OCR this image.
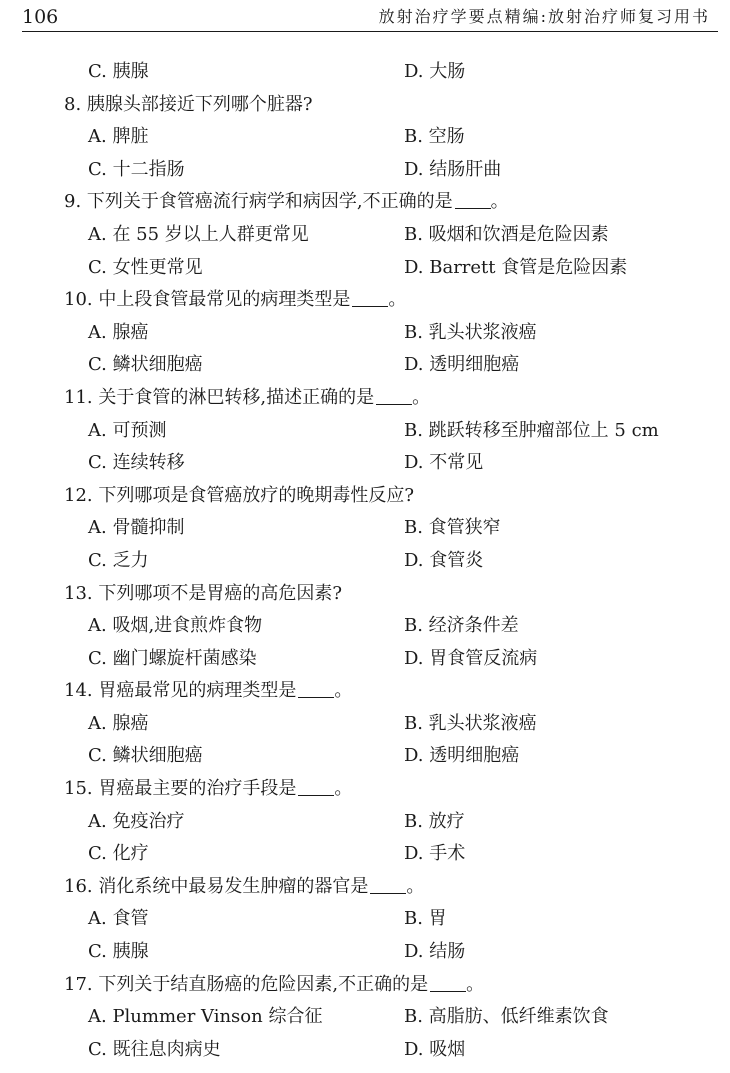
106	放射治疗学要点精编:放射治疗师复习用书
C. 胰腺	D. 大肠
8. 胰腺头部接近下列哪个脏器?
A. 脾脏	B. 空肠
C. 十二指肠	D. 结肠肝曲
9. 下列关于食管癌流行病学和病因学,不正确的是 。
A. 在 55 岁以上人群更常见	B. 吸烟和饮酒是危险因素
C. 女性更常见	D. Barrett 食管是危险因素
10. 中上段食管最常见的病理类型是 。
A. 腺癌	B. 乳头状浆液癌
C. 鳞状细胞癌	D. 透明细胞癌
11. 关于食管的淋巴转移,描述正确的是 。
A. 可预测	B. 跳跃转移至肿瘤部位上 5 cm
C. 连续转移	D. 不常见
12. 下列哪项是食管癌放疗的晚期毒性反应?
A. 骨髓抑制	B. 食管狭窄
C. 乏力	D. 食管炎
13. 下列哪项不是胃癌的高危因素?
A. 吸烟,进食煎炸食物	B. 经济条件差
C. 幽门螺旋杆菌感染	D. 胃食管反流病
14. 胃癌最常见的病理类型是 。
A. 腺癌	B. 乳头状浆液癌
C. 鳞状细胞癌	D. 透明细胞癌
15. 胃癌最主要的治疗手段是 。
A. 免疫治疗	B. 放疗
C. 化疗	D. 手术
16. 消化系统中最易发生肿瘤的器官是 。
A. 食管	B. 胃
C. 胰腺	D. 结肠
17. 下列关于结直肠癌的危险因素,不正确的是 。
A. Plummer Vinson 综合征	B. 高脂肪、低纤维素饮食
C. 既往息肉病史	D. 吸烟
